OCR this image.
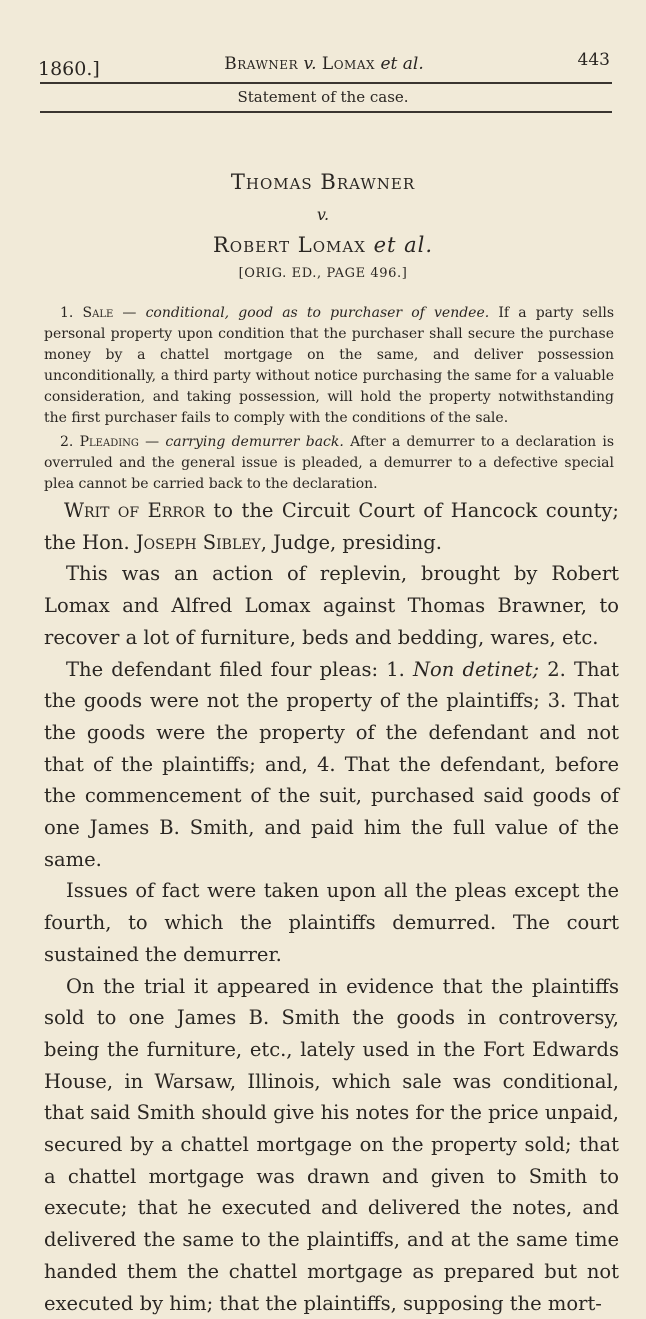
1860.]	Brawner v. Lomax et al.	443
Statement of the case.
Thomas Brawner
v.
Robert Lomax et al.
[ORIG. ED., PAGE 496.]

1. Sale — conditional, good as to purchaser of vendee. If a party sells personal property upon condition that the purchaser shall secure the purchase money by a chattel mortgage on the same, and deliver possession unconditionally, a third party without notice purchasing the same for a valuable consideration, and taking possession, will hold the property notwithstanding the first purchaser fails to comply with the conditions of the sale.

2. Pleading — carrying demurrer back. After a demurrer to a declaration is overruled and the general issue is pleaded, a demurrer to a defective special plea cannot be carried back to the declaration.

Writ of Error to the Circuit Court of Hancock county; the Hon. Joseph Sibley, Judge, presiding.

This was an action of replevin, brought by Robert Lomax and Alfred Lomax against Thomas Brawner, to recover a lot of furniture, beds and bedding, wares, etc.

The defendant filed four pleas: 1. Non detinet; 2. That the goods were not the property of the plaintiffs; 3. That the goods were the property of the defendant and not that of the plaintiffs; and, 4. That the defendant, before the commencement of the suit, purchased said goods of one James B. Smith, and paid him the full value of the same.

Issues of fact were taken upon all the pleas except the fourth, to which the plaintiffs demurred. The court sustained the demurrer.

On the trial it appeared in evidence that the plaintiffs sold to one James B. Smith the goods in controversy, being the furniture, etc., lately used in the Fort Edwards House, in Warsaw, Illinois, which sale was conditional, that said Smith should give his notes for the price unpaid, secured by a chattel mortgage on the property sold; that a chattel mortgage was drawn and given to Smith to execute; that he executed and delivered the notes, and delivered the same to the plaintiffs, and at the same time handed them the chattel mortgage as prepared but not executed by him; that the plaintiffs, supposing the mort-
